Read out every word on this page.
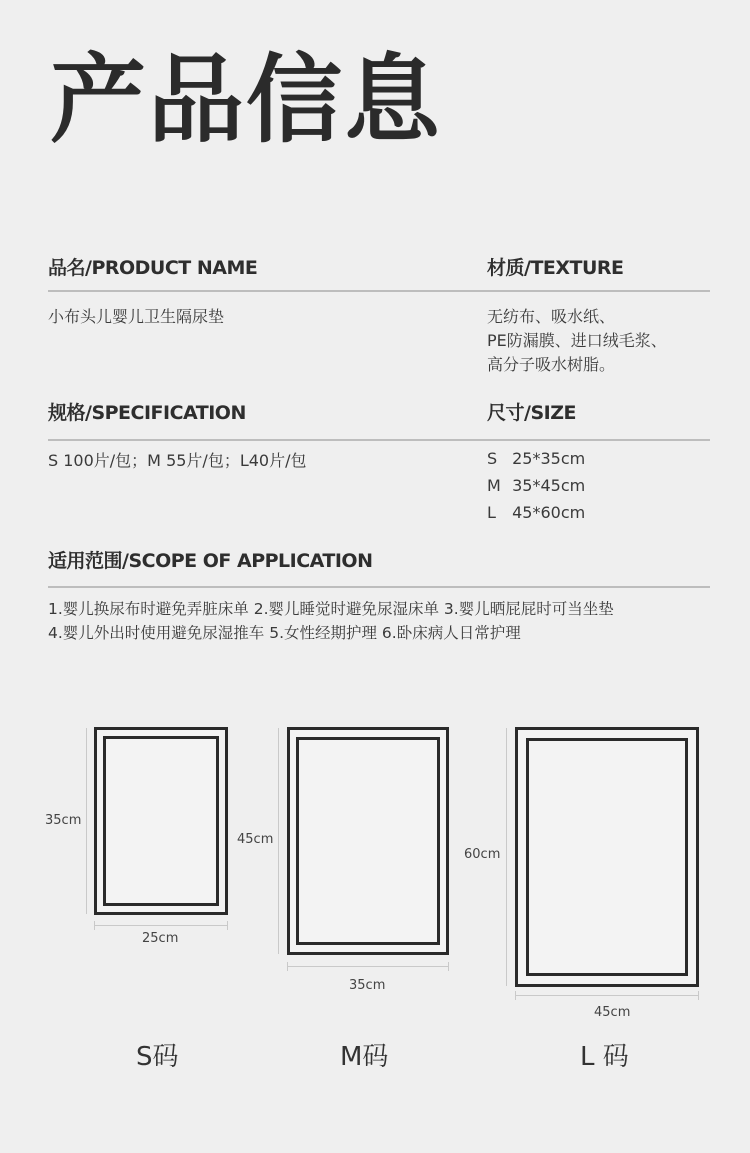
产品信息
品名/PRODUCT NAME
小布头儿婴儿卫生隔尿垫
材质/TEXTURE
无纺布、吸水纸、
PE防漏膜、进口绒毛浆、
高分子吸水树脂。
规格/SPECIFICATION
S 100片/包；M 55片/包；L40片/包
尺寸/SIZE
S 25*35cm
M 35*45cm
L 45*60cm
适用范围/SCOPE OF APPLICATION
1.婴儿换尿布时避免弄脏床单 2.婴儿睡觉时避免尿湿床单 3.婴儿晒屁屁时可当坐垫
4.婴儿外出时使用避免尿湿推车 5.女性经期护理 6.卧床病人日常护理
35cm
25cm
S码
45cm
35cm
M码
60cm
45cm
L 码
